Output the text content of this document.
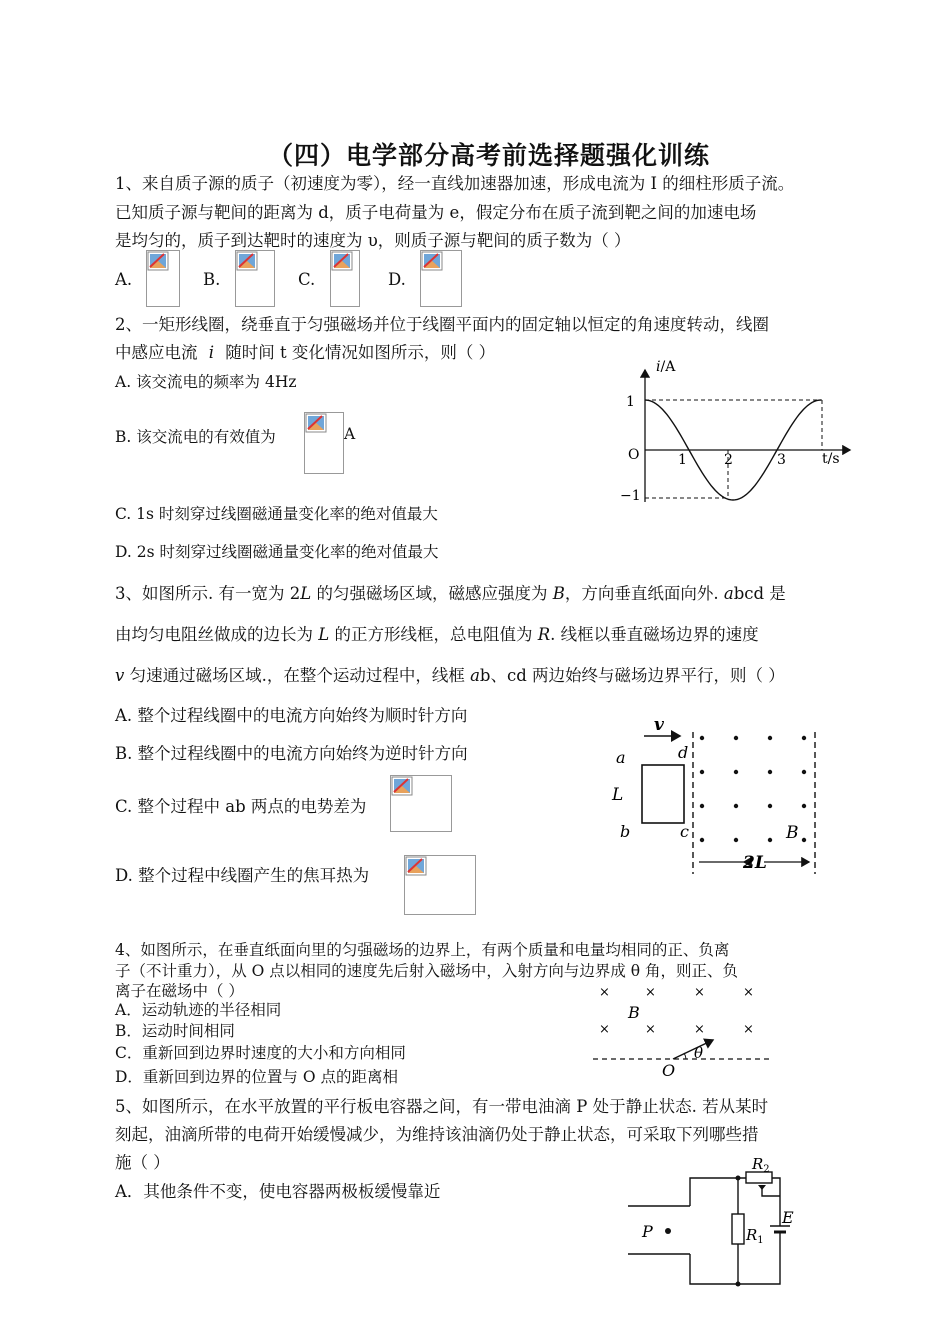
（四）电学部分高考前选择题强化训练
1、来自质子源的质子（初速度为零），经一直线加速器加速，形成电流为 I 的细柱形质子流。
已知质子源与靶间的距离为 d，质子电荷量为 e，假定分布在质子流到靶之间的加速电场
是均匀的，质子到达靶时的速度为 υ，则质子源与靶间的质子数为（ ）
A.	B.	C.	D.
2、一矩形线圈，绕垂直于匀强磁场并位于线圈平面内的固定轴以恒定的角速度转动，线圈
中感应电流 i 随时间 t 变化情况如图所示，则（ ）
A. 该交流电的频率为 4Hz
B. 该交流电的有效值为	A
C. 1s 时刻穿过线圈磁通量变化率的绝对值最大
D. 2s 时刻穿过线圈磁通量变化率的绝对值最大
i/A
t/s
O
1
−1
1	2	3
3、如图所示. 有一宽为 2L 的匀强磁场区域，磁感应强度为 B，方向垂直纸面向外. abcd 是
由均匀电阻丝做成的边长为 L 的正方形线框，总电阻值为 R. 线框以垂直磁场边界的速度
v 匀速通过磁场区域.，在整个运动过程中，线框 ab、cd 两边始终与磁场边界平行，则（ ）
A. 整个过程线圈中的电流方向始终为顺时针方向
B. 整个过程线圈中的电流方向始终为逆时针方向
C. 整个过程中 ab 两点的电势差为
D. 整个过程中线圈产生的焦耳热为
v
a	d
b	c
L
B
2L
4、如图所示，在垂直纸面向里的匀强磁场的边界上，有两个质量和电量均相同的正、负离
子（不计重力），从 O 点以相同的速度先后射入磁场中，入射方向与边界成 θ 角，则正、负
离子在磁场中（ ）
A．运动轨迹的半径相同
B．运动时间相同
C．重新回到边界时速度的大小和方向相同
D．重新回到边界的位置与 O 点的距离相
×	×	×	×
×	×	×	×
B
θ
O
5、如图所示，在水平放置的平行板电容器之间，有一带电油滴 P 处于静止状态. 若从某时
刻起，油滴所带的电荷开始缓慢减少，为维持该油滴仍处于静止状态，可采取下列哪些措
施（ ）
A．其他条件不变，使电容器两极板缓慢靠近
P
$R_2$
$R_1$
E
